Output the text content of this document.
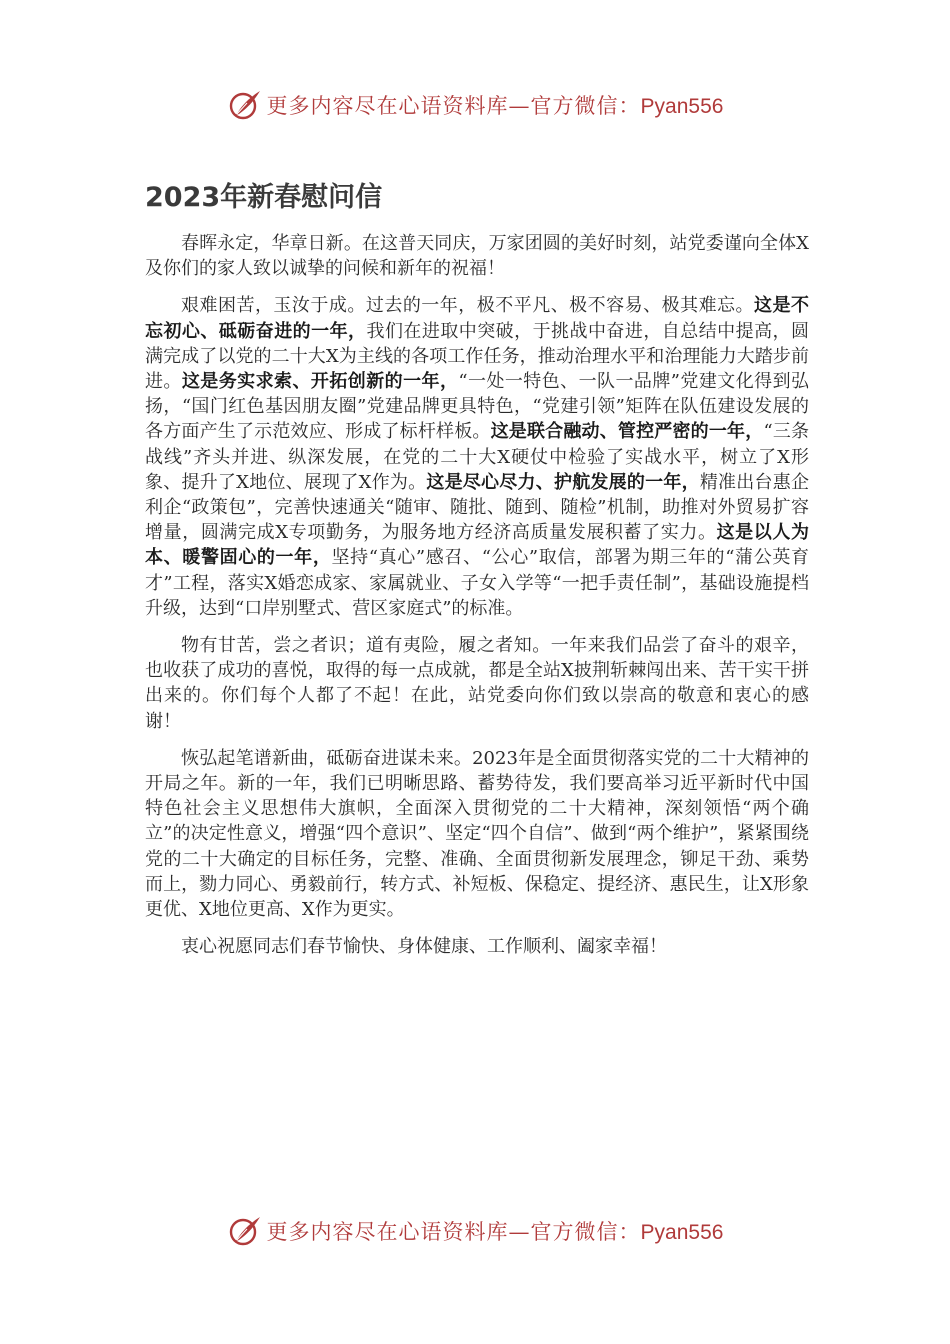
更多内容尽在心语资料库—官方微信：Pyan556
2023年新春慰问信

春晖永定，华章日新。在这普天同庆，万家团圆的美好时刻，站党委谨向全体X及你们的家人致以诚挚的问候和新年的祝福！

艰难困苦，玉汝于成。过去的一年，极不平凡、极不容易、极其难忘。这是不忘初心、砥砺奋进的一年，我们在进取中突破，于挑战中奋进，自总结中提高，圆满完成了以党的二十大X为主线的各项工作任务，推动治理水平和治理能力大踏步前进。这是务实求索、开拓创新的一年，“一处一特色、一队一品牌”党建文化得到弘扬，“国门红色基因朋友圈”党建品牌更具特色，“党建引领”矩阵在队伍建设发展的各方面产生了示范效应、形成了标杆样板。这是联合融动、管控严密的一年，“三条战线”齐头并进、纵深发展，在党的二十大X硬仗中检验了实战水平，树立了X形象、提升了X地位、展现了X作为。这是尽心尽力、护航发展的一年，精准出台惠企利企“政策包”，完善快速通关“随审、随批、随到、随检”机制，助推对外贸易扩容增量，圆满完成X专项勤务，为服务地方经济高质量发展积蓄了实力。这是以人为本、暖警固心的一年，坚持“真心”感召、“公心”取信，部署为期三年的“蒲公英育才”工程，落实X婚恋成家、家属就业、子女入学等“一把手责任制”，基础设施提档升级，达到“口岸别墅式、营区家庭式”的标准。

物有甘苦，尝之者识；道有夷险，履之者知。一年来我们品尝了奋斗的艰辛，也收获了成功的喜悦，取得的每一点成就，都是全站X披荆斩棘闯出来、苦干实干拼出来的。你们每个人都了不起！在此，站党委向你们致以崇高的敬意和衷心的感谢！

恢弘起笔谱新曲，砥砺奋进谋未来。2023年是全面贯彻落实党的二十大精神的开局之年。新的一年，我们已明晰思路、蓄势待发，我们要高举习近平新时代中国特色社会主义思想伟大旗帜，全面深入贯彻党的二十大精神，深刻领悟“两个确立”的决定性意义，增强“四个意识”、坚定“四个自信”、做到“两个维护”，紧紧围绕党的二十大确定的目标任务，完整、准确、全面贯彻新发展理念，铆足干劲、乘势而上，勠力同心、勇毅前行，转方式、补短板、保稳定、提经济、惠民生，让X形象更优、X地位更高、X作为更实。

衷心祝愿同志们春节愉快、身体健康、工作顺利、阖家幸福！

更多内容尽在心语资料库—官方微信：Pyan556
